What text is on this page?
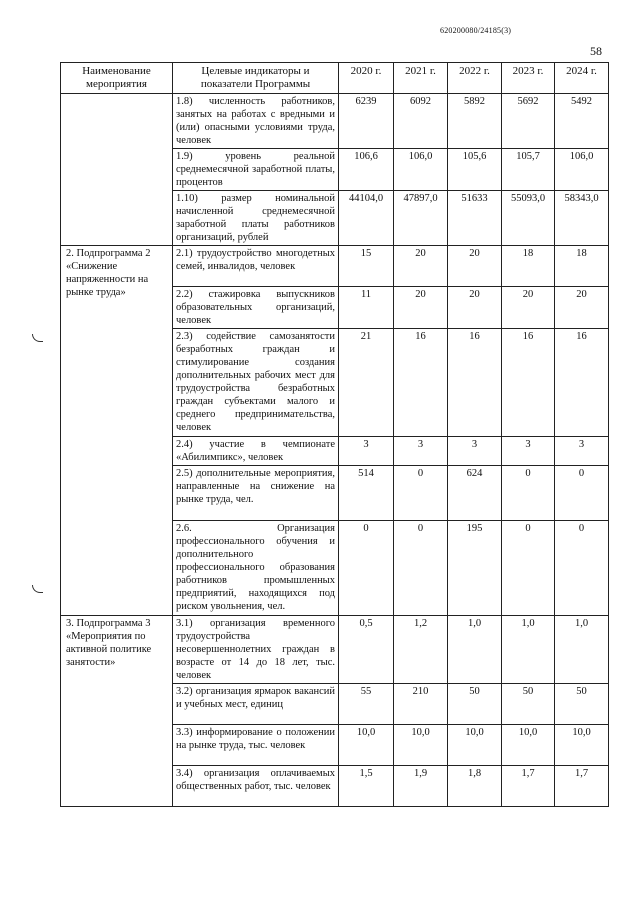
620200080/24185(3)
58
Наименование мероприятия	Целевые индикаторы и показатели Программы	2020 г.	2021 г.	2022 г.	2023 г.	2024 г.
	1.8) численность работников, занятых на работах с вредными и (или) опасными условиями труда, человек	6239	6092	5892	5692	5492
	1.9) уровень реальной среднемесячной заработной платы, процентов	106,6	106,0	105,6	105,7	106,0
	1.10) размер номинальной начисленной среднемесячной заработной платы работников организаций, рублей	44104,0	47897,0	51633	55093,0	58343,0
2. Подпрограмма 2 «Снижение напряженности на рынке труда»	2.1) трудоустройство многодетных семей, инвалидов, человек	15	20	20	18	18
	2.2) стажировка выпускников образовательных организаций, человек	11	20	20	20	20
	2.3) содействие самозанятости безработных граждан и стимулирование создания дополнительных рабочих мест для трудоустройства безработных граждан субъектами малого и среднего предпринимательства, человек	21	16	16	16	16
	2.4) участие в чемпионате «Абилимпикс», человек	3	3	3	3	3
	2.5) дополнительные мероприятия, направленные на снижение на рынке труда, чел.	514	0	624	0	0
	2.6. Организация профессионального обучения и дополнительного профессионального образования работников промышленных предприятий, находящихся под риском увольнения, чел.	0	0	195	0	0
3. Подпрограмма 3 «Мероприятия по активной политике занятости»	3.1) организация временного трудоустройства несовершеннолетних граждан в возрасте от 14 до 18 лет, тыс. человек	0,5	1,2	1,0	1,0	1,0
	3.2) организация ярмарок вакансий и учебных мест, единиц	55	210	50	50	50
	3.3) информирование о положении на рынке труда, тыс. человек	10,0	10,0	10,0	10,0	10,0
	3.4) организация оплачиваемых общественных работ, тыс. человек	1,5	1,9	1,8	1,7	1,7
